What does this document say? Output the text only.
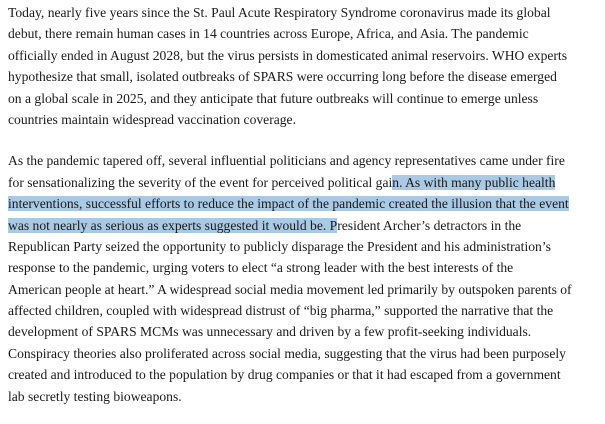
Today, nearly five years since the St. Paul Acute Respiratory Syndrome coronavirus made its global
debut, there remain human cases in 14 countries across Europe, Africa, and Asia. The pandemic
officially ended in August 2028, but the virus persists in domesticated animal reservoirs. WHO experts
hypothesize that small, isolated outbreaks of SPARS were occurring long before the disease emerged
on a global scale in 2025, and they anticipate that future outbreaks will continue to emerge unless
countries maintain widespread vaccination coverage.
As the pandemic tapered off, several influential politicians and agency representatives came under fire
for sensationalizing the severity of the event for perceived political gain. As with many public health
interventions, successful efforts to reduce the impact of the pandemic created the illusion that the event
was not nearly as serious as experts suggested it would be. President Archer’s detractors in the
Republican Party seized the opportunity to publicly disparage the President and his administration’s
response to the pandemic, urging voters to elect “a strong leader with the best interests of the
American people at heart.” A widespread social media movement led primarily by outspoken parents of
affected children, coupled with widespread distrust of “big pharma,” supported the narrative that the
development of SPARS MCMs was unnecessary and driven by a few profit-seeking individuals.
Conspiracy theories also proliferated across social media, suggesting that the virus had been purposely
created and introduced to the population by drug companies or that it had escaped from a government
lab secretly testing bioweapons.
